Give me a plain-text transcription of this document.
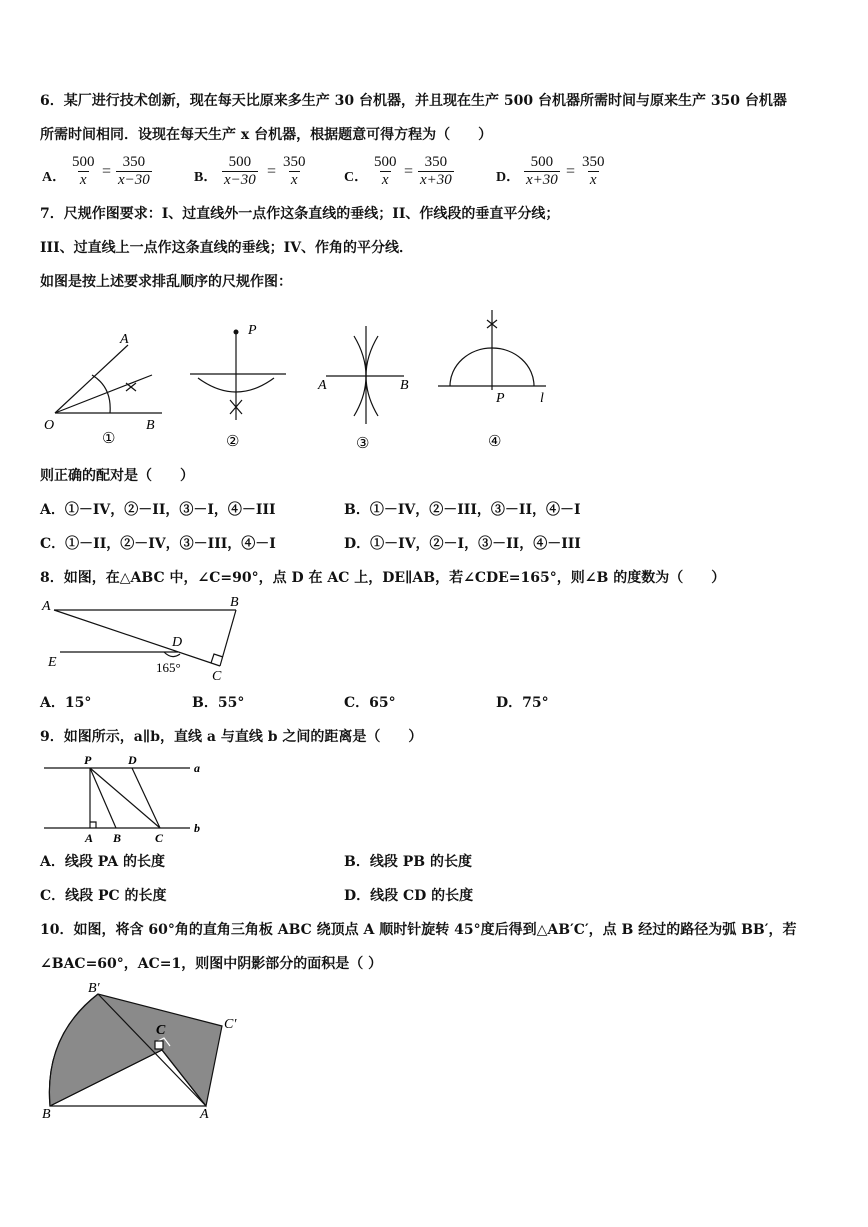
6．某厂进行技术创新，现在每天比原来多生产 30 台机器，并且现在生产 500 台机器所需时间与原来生产 350 台机器
所需时间相同．设现在每天生产 x 台机器，根据题意可得方程为（　　）
A． $\frac{500}{x} = \frac{350}{x-30}$	B． $\frac{500}{x-30} = \frac{350}{x}$	C． $\frac{500}{x} = \frac{350}{x+30}$	D． $\frac{500}{x+30} = \frac{350}{x}$
7．尺规作图要求：I、过直线外一点作这条直线的垂线；II、作线段的垂直平分线；
III、过直线上一点作这条直线的垂线；IV、作角的平分线．
如图是按上述要求排乱顺序的尺规作图：
A
O	B
①
P
②
A	B
③
P	l
④
则正确的配对是（　　）
A．①－IV，②－II，③－I，④－III	B．①－IV，②－III，③－II，④－I
C．①－II，②－IV，③－III，④－I	D．①－IV，②－I，③－II，④－III
8．如图，在△ABC 中，∠C=90°，点 D 在 AC 上，DE∥AB，若∠CDE=165°，则∠B 的度数为（　　）
A	B
C
D
E	165°
A．15°	B．55°	C．65°	D．75°
9．如图所示，a∥b，直线 a 与直线 b 之间的距离是（　　）
P	D
a
b
A B	C
A．线段 PA 的长度	B．线段 PB 的长度
C．线段 PC 的长度	D．线段 CD 的长度
10．如图，将含 60°角的直角三角板 ABC 绕顶点 A 顺时针旋转 45°度后得到△AB′C′，点 B 经过的路径为弧 BB′，若
∠BAC=60°，AC=1，则图中阴影部分的面积是（ ）
B′
C′
C
B	A
